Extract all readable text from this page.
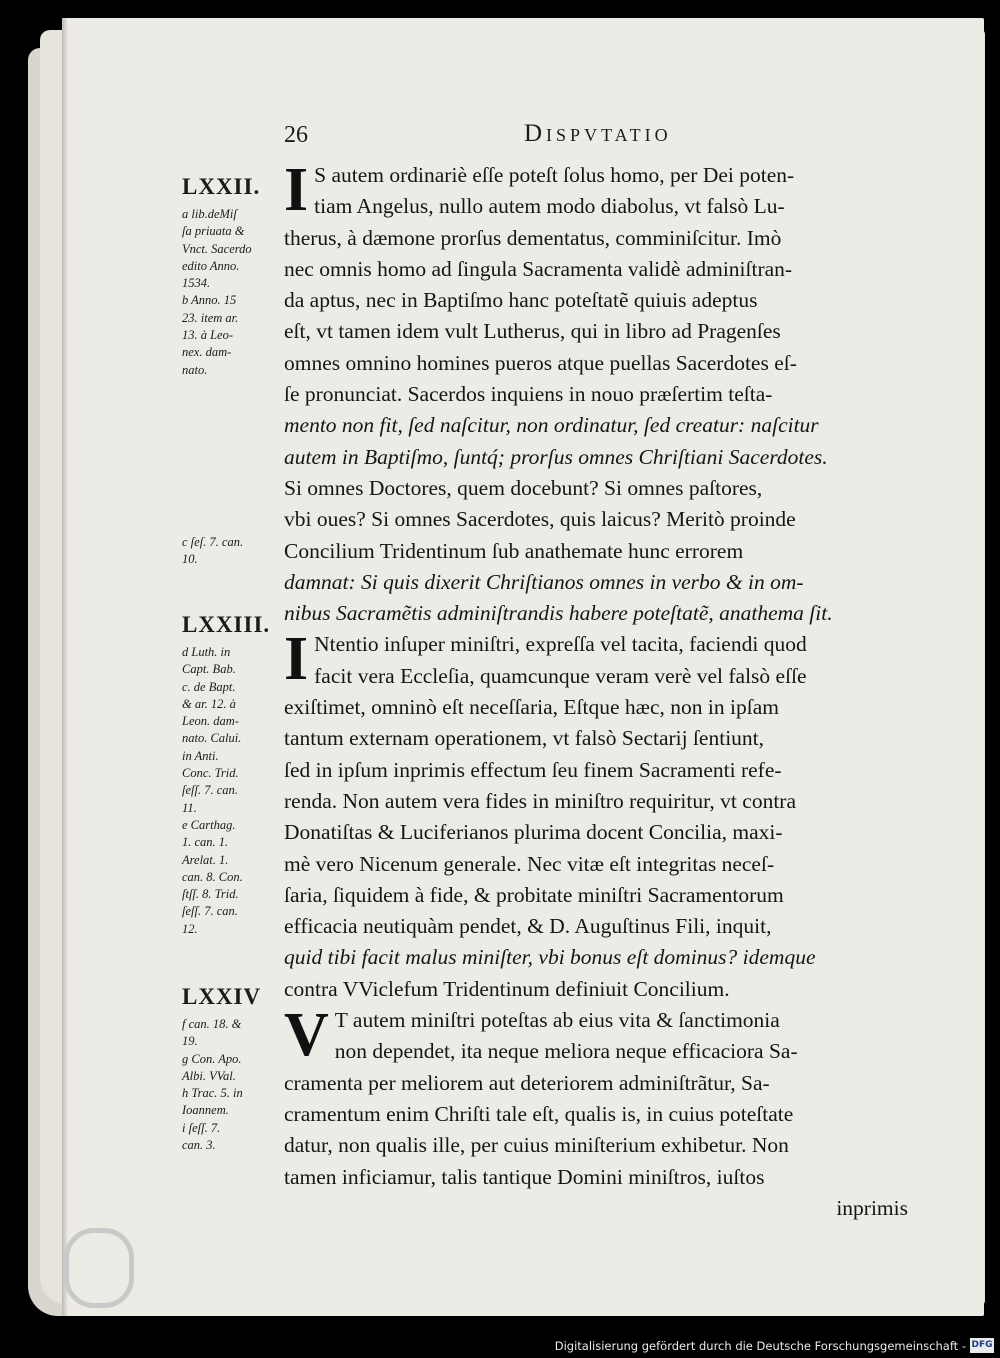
26	Dispvtatio
LXXII.
a lib.deMiſ
ſa priuata &
Vnct. Sacerdo
edito Anno.
1534.
b Anno. 15
23. item ar.
13. à Leo-
nex. dam-
nato.
c ſeſ. 7. can.
10.
LXXIII.
d Luth. in
Capt. Bab.
c. de Bapt.
& ar. 12. à
Leon. dam-
nato. Calui.
in Anti.
Conc. Trid.
ſeſſ. 7. can.
11.
e Carthag.
1. can. 1.
Arelat. 1.
can. 8. Con.
ſtſſ. 8. Trid.
ſeſſ. 7. can.
12.
LXXIV
f can. 18. &
19.
g Con. Apo.
Albi. VVal.
h Trac. 5. in
Ioannem.
i ſeſſ. 7.
can. 3.
I S autem ordinariè eſſe poteſt ſolus homo, per Dei poten-
tiam Angelus, nullo autem modo diabolus, vt falsò Lu-
therus, à dæmone prorſus dementatus, comminiſcitur. Imò
nec omnis homo ad ſingula Sacramenta validè adminiſtran-
da aptus, nec in Baptiſmo hanc poteſtatẽ quiuis adeptus
eſt, vt tamen idem vult Lutherus, qui in libro ad Pragenſes
omnes omnino homines pueros atque puellas Sacerdotes eſ-
ſe pronunciat. Sacerdos inquiens in nouo præſertim teſta-
mento non fit, ſed naſcitur, non ordinatur, ſed creatur: naſcitur
autem in Baptiſmo, ſuntq́; prorſus omnes Chriſtiani Sacerdotes.
Si omnes Doctores, quem docebunt? Si omnes paſtores,
vbi oues? Si omnes Sacerdotes, quis laicus? Meritò proinde
Concilium Tridentinum ſub anathemate hunc errorem
damnat: Si quis dixerit Chriſtianos omnes in verbo & in om-
nibus Sacramẽtis adminiſtrandis habere poteſtatẽ, anathema ſit.
I Ntentio inſuper miniſtri, expreſſa vel tacita, faciendi quod
facit vera Eccleſia, quamcunque veram verè vel falsò eſſe
exiſtimet, omninò eſt neceſſaria, Eſtque hæc, non in ipſam
tantum externam operationem, vt falsò Sectarij ſentiunt,
ſed in ipſum inprimis effectum ſeu finem Sacramenti refe-
renda. Non autem vera fides in miniſtro requiritur, vt contra
Donatiſtas & Luciferianos plurima docent Concilia, maxi-
mè vero Nicenum generale. Nec vitæ eſt integritas neceſ-
ſaria, ſiquidem à fide, & probitate miniſtri Sacramentorum
efficacia neutiquàm pendet, & D. Auguſtinus Fili, inquit,
quid tibi facit malus miniſter, vbi bonus eſt dominus? idemque
contra VViclefum Tridentinum definiuit Concilium.
V T autem miniſtri poteſtas ab eius vita & ſanctimonia
non dependet, ita neque meliora neque efficaciora Sa-
cramenta per meliorem aut deteriorem adminiſtrãtur, Sa-
cramentum enim Chriſti tale eſt, qualis is, in cuius poteſtate
datur, non qualis ille, per cuius miniſterium exhibetur. Non
tamen inficiamur, talis tantique Domini miniſtros, iuſtos
inprimis
Digitalisierung gefördert durch die Deutsche Forschungsgemeinschaft - DFG
